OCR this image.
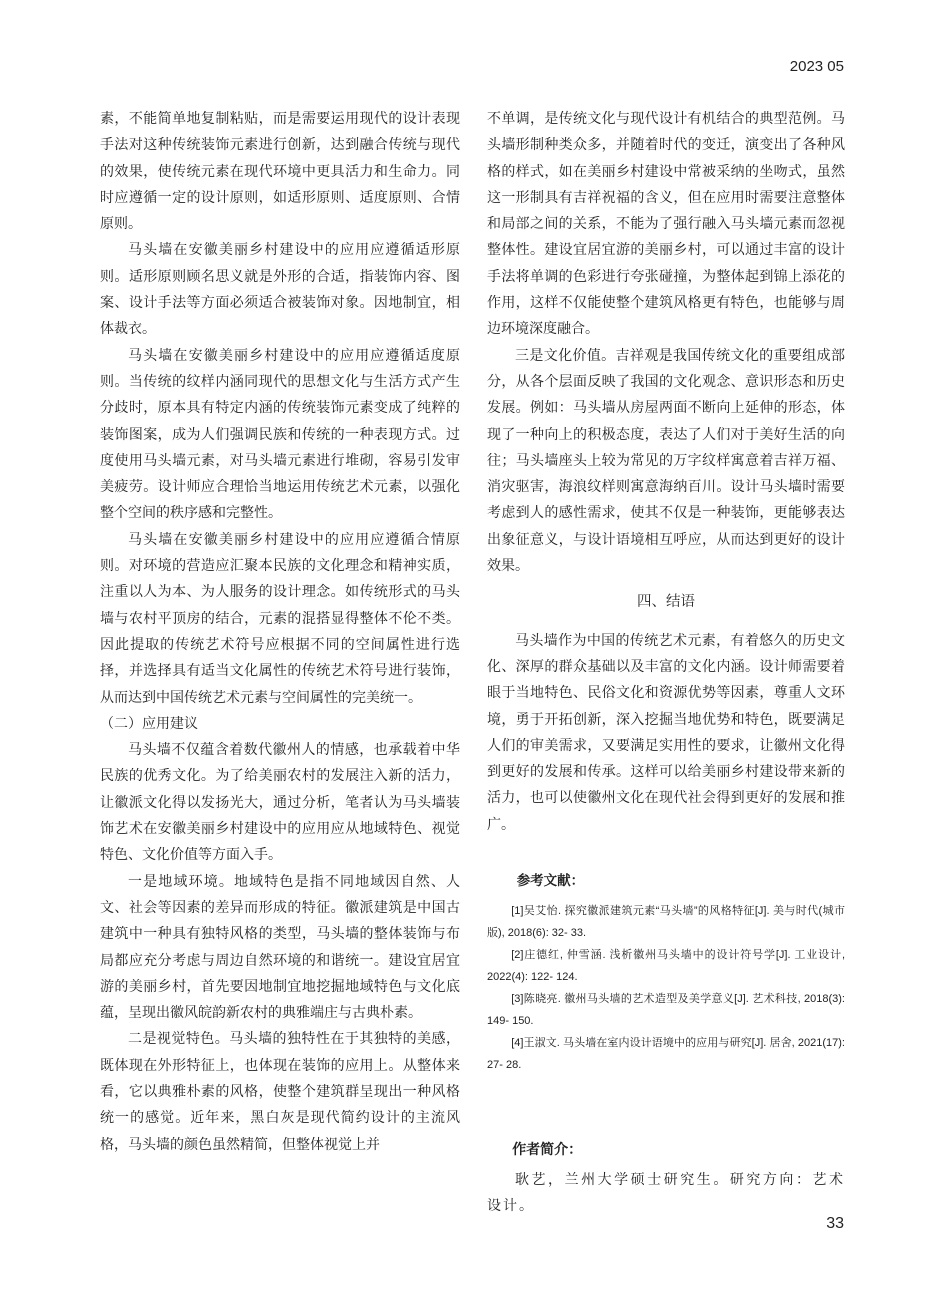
2023 05

素，不能简单地复制粘贴，而是需要运用现代的设计表现手法对这种传统装饰元素进行创新，达到融合传统与现代的效果，使传统元素在现代环境中更具活力和生命力。同时应遵循一定的设计原则，如适形原则、适度原则、合情原则。

马头墙在安徽美丽乡村建设中的应用应遵循适形原则。适形原则顾名思义就是外形的合适，指装饰内容、图案、设计手法等方面必须适合被装饰对象。因地制宜，相体裁衣。

马头墙在安徽美丽乡村建设中的应用应遵循适度原则。当传统的纹样内涵同现代的思想文化与生活方式产生分歧时，原本具有特定内涵的传统装饰元素变成了纯粹的装饰图案，成为人们强调民族和传统的一种表现方式。过度使用马头墙元素，对马头墙元素进行堆砌，容易引发审美疲劳。设计师应合理恰当地运用传统艺术元素，以强化整个空间的秩序感和完整性。

马头墙在安徽美丽乡村建设中的应用应遵循合情原则。对环境的营造应汇聚本民族的文化理念和精神实质，注重以人为本、为人服务的设计理念。如传统形式的马头墙与农村平顶房的结合，元素的混搭显得整体不伦不类。因此提取的传统艺术符号应根据不同的空间属性进行选择，并选择具有适当文化属性的传统艺术符号进行装饰，从而达到中国传统艺术元素与空间属性的完美统一。

（二）应用建议

马头墙不仅蕴含着数代徽州人的情感，也承载着中华民族的优秀文化。为了给美丽农村的发展注入新的活力，让徽派文化得以发扬光大，通过分析，笔者认为马头墙装饰艺术在安徽美丽乡村建设中的应用应从地域特色、视觉特色、文化价值等方面入手。

一是地域环境。地域特色是指不同地域因自然、人文、社会等因素的差异而形成的特征。徽派建筑是中国古建筑中一种具有独特风格的类型，马头墙的整体装饰与布局都应充分考虑与周边自然环境的和谐统一。建设宜居宜游的美丽乡村，首先要因地制宜地挖掘地域特色与文化底蕴，呈现出徽风皖韵新农村的典雅端庄与古典朴素。

二是视觉特色。马头墙的独特性在于其独特的美感，既体现在外形特征上，也体现在装饰的应用上。从整体来看，它以典雅朴素的风格，使整个建筑群呈现出一种风格统一的感觉。近年来，黑白灰是现代简约设计的主流风格，马头墙的颜色虽然精简，但整体视觉上并

不单调，是传统文化与现代设计有机结合的典型范例。马头墙形制种类众多，并随着时代的变迁，演变出了各种风格的样式，如在美丽乡村建设中常被采纳的坐吻式，虽然这一形制具有吉祥祝福的含义，但在应用时需要注意整体和局部之间的关系，不能为了强行融入马头墙元素而忽视整体性。建设宜居宜游的美丽乡村，可以通过丰富的设计手法将单调的色彩进行夸张碰撞，为整体起到锦上添花的作用，这样不仅能使整个建筑风格更有特色，也能够与周边环境深度融合。

三是文化价值。吉祥观是我国传统文化的重要组成部分，从各个层面反映了我国的文化观念、意识形态和历史发展。例如：马头墙从房屋两面不断向上延伸的形态，体现了一种向上的积极态度，表达了人们对于美好生活的向往；马头墙座头上较为常见的万字纹样寓意着吉祥万福、消灾驱害，海浪纹样则寓意海纳百川。设计马头墙时需要考虑到人的感性需求，使其不仅是一种装饰，更能够表达出象征意义，与设计语境相互呼应，从而达到更好的设计效果。

四、结语

马头墙作为中国的传统艺术元素，有着悠久的历史文化、深厚的群众基础以及丰富的文化内涵。设计师需要着眼于当地特色、民俗文化和资源优势等因素，尊重人文环境，勇于开拓创新，深入挖掘当地优势和特色，既要满足人们的审美需求，又要满足实用性的要求，让徽州文化得到更好的发展和传承。这样可以给美丽乡村建设带来新的活力，也可以使徽州文化在现代社会得到更好的发展和推广。

参考文献：

[1]吴艾怡. 探究徽派建筑元素“马头墙”的风格特征[J]. 美与时代(城市版), 2018(6): 32- 33.

[2]庄德红, 仲雪涵. 浅析徽州马头墙中的设计符号学[J]. 工业设计, 2022(4): 122- 124.

[3]陈晓亮. 徽州马头墙的艺术造型及美学意义[J]. 艺术科技, 2018(3): 149- 150.

[4]王淑文. 马头墙在室内设计语境中的应用与研究[J]. 居舍, 2021(17): 27- 28.

作者简介：

耿艺，兰州大学硕士研究生。研究方向：艺术设计。

33
